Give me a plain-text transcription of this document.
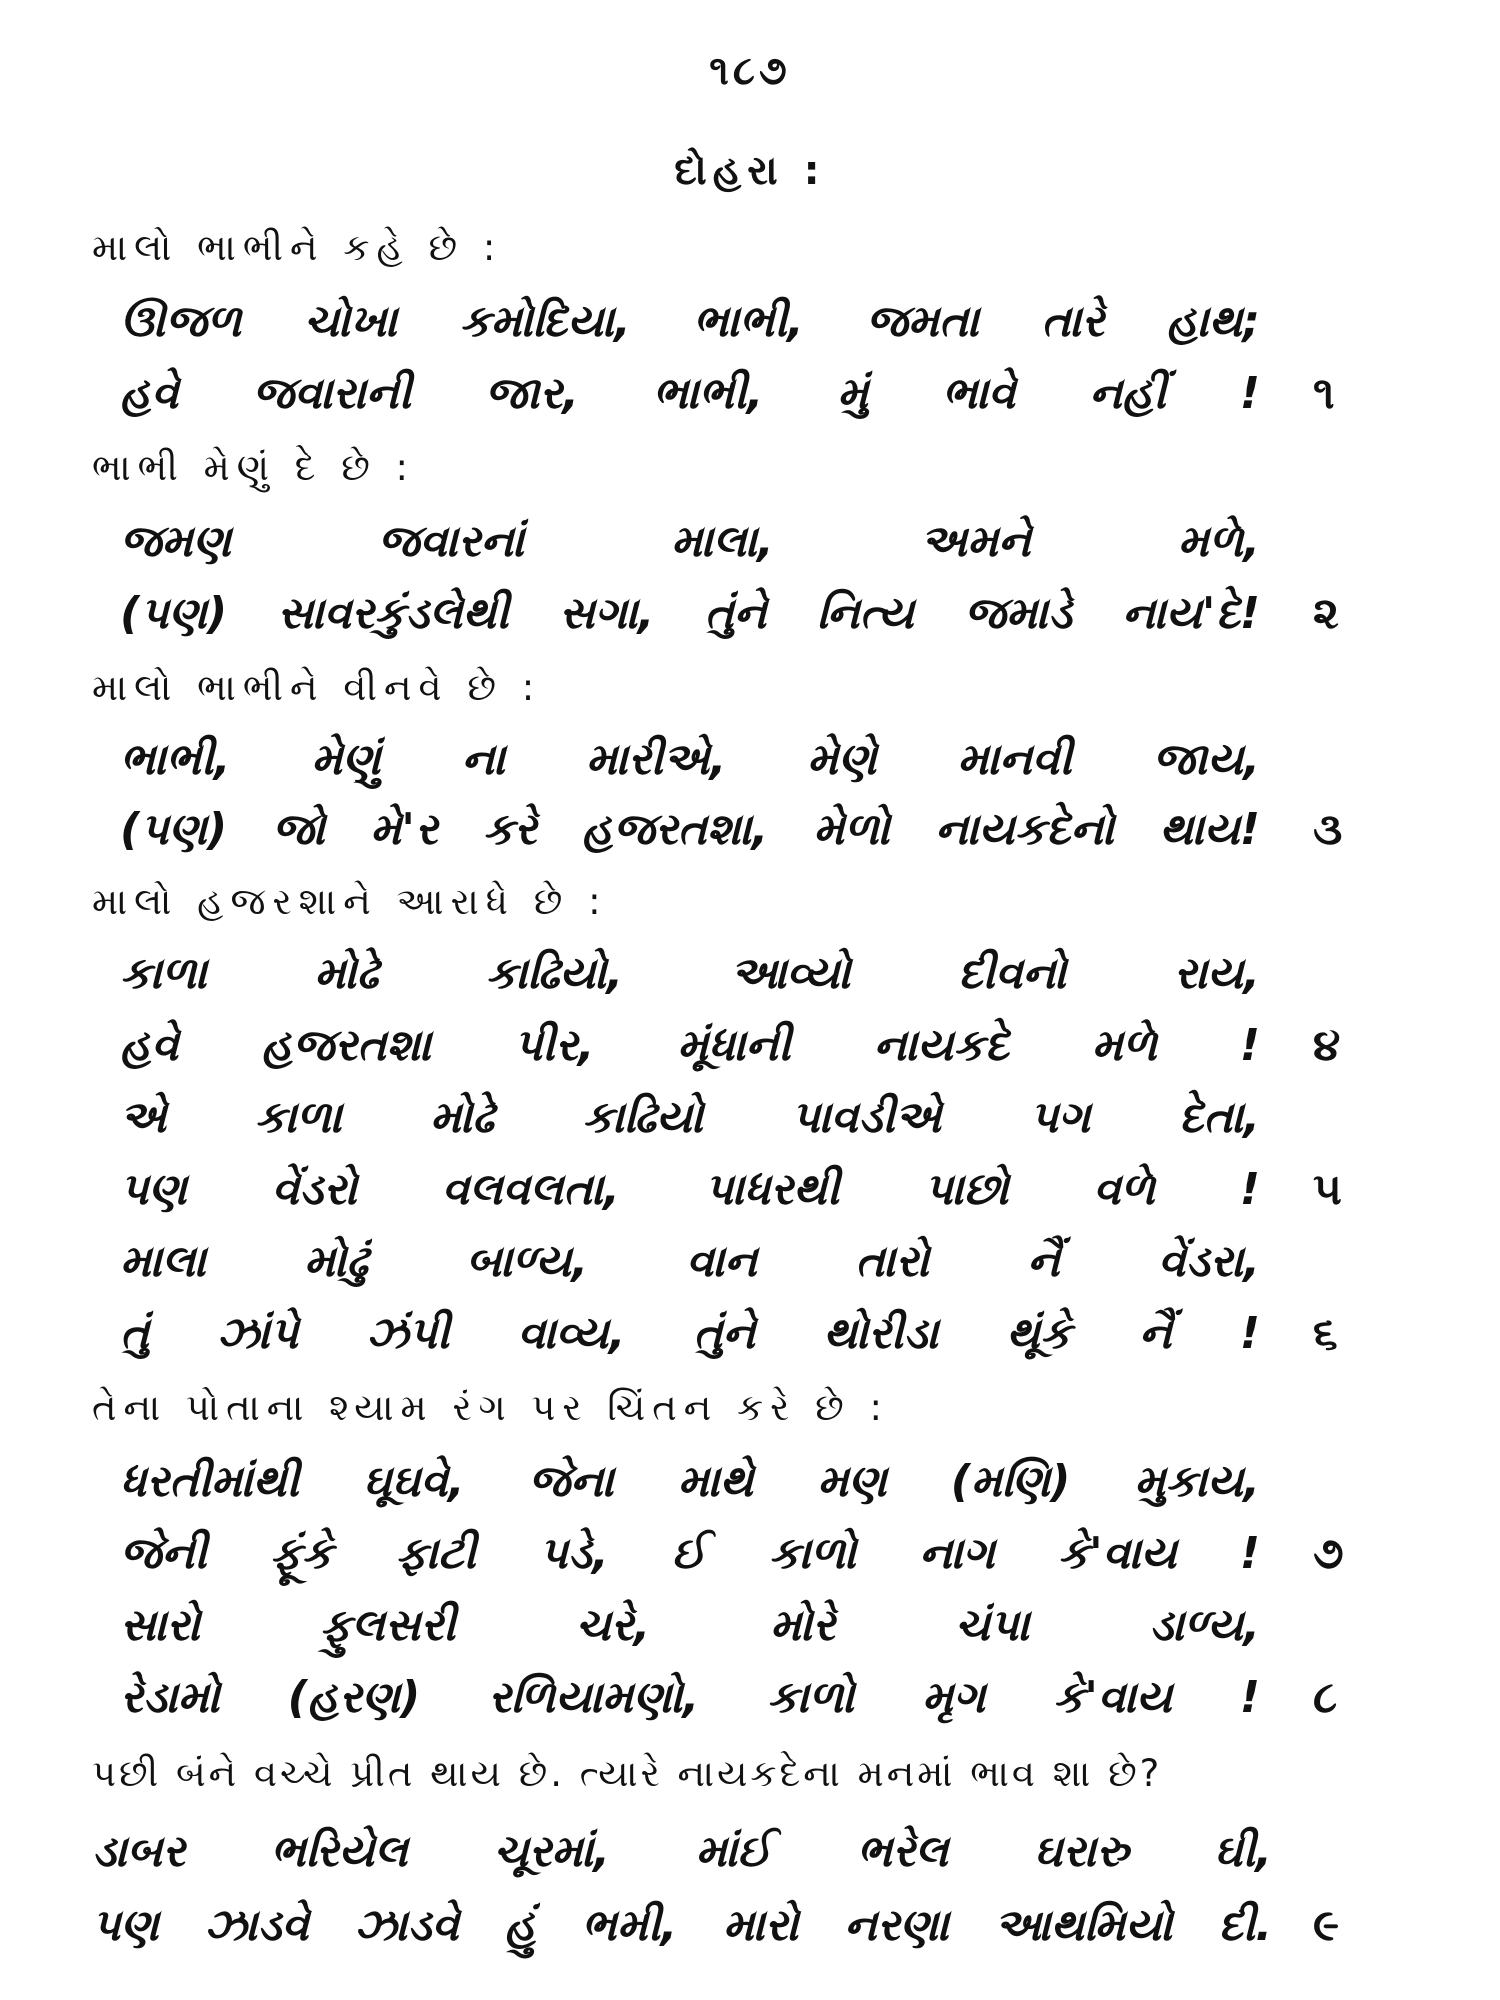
૧૮૭
દોહરા :
માલો ભાભીને કહે છે :
ઊજળ ચોખા કમોદિયા, ભાભી, જમતા તારે હાથ;
હવે જવારાની જાર, ભાભી, મું ભાવે નહીં ! ૧
ભાભી મેણું દે છે :
જમણ જવારનાં માલા, અમને મળે,
(પણ) સાવરકુંડલેથી સગા, તુંને નિત્ય જમાડે નાય'દે! ૨
માલો ભાભીને વીનવે છે :
ભાભી, મેણું ના મારીએ, મેણે માનવી જાય,
(પણ) જો મે'ર કરે હજરતશા, મેળો નાયકદેનો થાય! ૩
માલો હજરશાને આરાધે છે :
કાળા મોઢે કાઢિયો, આવ્યો દીવનો રાય,
હવે હજરતશા પીર, મૂંધાની નાયકદે મળે ! ૪
એ કાળા મોઢે કાઢિયો પાવડીએ પગ દેતા,
પણ વેંડરો વલવલતા, પાધરથી પાછો વળે ! ૫
માલા મોઢું બાળ્ય, વાન તારો નૈં વેંડરા,
તું ઝાંપે ઝંપી વાવ્ય, તુંને થોરીડા થૂંકે નૈં ! ૬
તેના પોતાના શ્યામ રંગ પર ચિંતન કરે છે :
ધરતીમાંથી ઘૂઘવે, જેના માથે મણ (મણિ) મુકાય,
જેની ફૂંકે ફાટી પડે, ઈ કાળો નાગ કે'વાય ! ૭
સારો ફુલસરી ચરે, મોરે ચંપા ડાળ્ય,
રેડામો (હરણ) રળિયામણો, કાળો મૃગ કે'વાય ! ૮
પછી બંને વચ્ચે પ્રીત થાય છે. ત્યારે નાયકદેના મનમાં ભાવ શા છે?
ડાબર ભરિયેલ ચૂરમાં, માંઈ ભરેલ ઘરારુ ઘી,
પણ ઝાડવે ઝાડવે હું ભમી, મારો નરણા આથમિયો દી. ૯
